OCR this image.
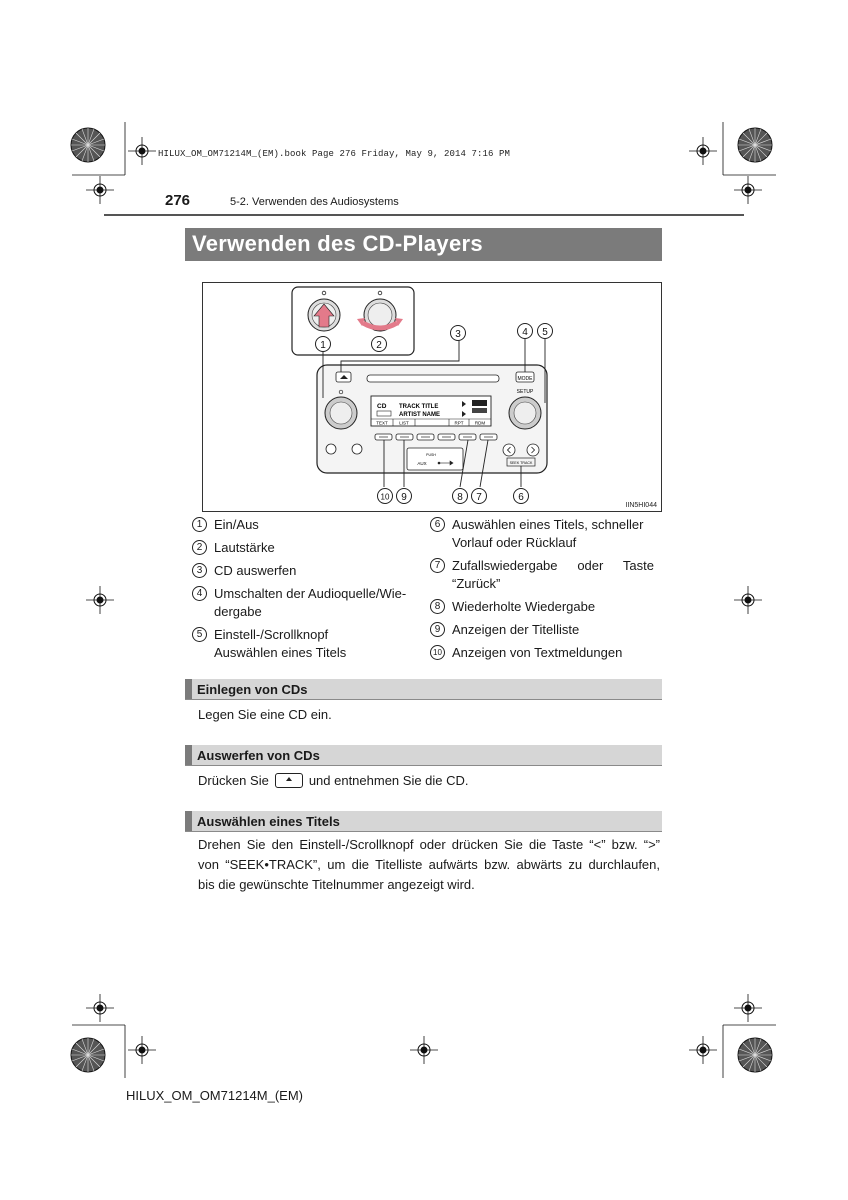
HILUX_OM_OM71214M_(EM).book Page 276 Friday, May 9, 2014 7:16 PM
276	5-2. Verwenden des Audiosystems
Verwenden des CD-Players
MODE
SETUP
CD TRACK TITLE
ARTIST NAME
TEXT	LIST	RPT	RDM
PUSH
AUX	SEEK TRACK
1	2
3	4 5
10 9	8 7	6
IIN5HI044
1 Ein/Aus
2 Lautstärke
3 CD auswerfen
4 Umschalten der Audioquelle/Wie-
dergabe
5 Einstell-/Scrollknopf
Auswählen eines Titels
6 Auswählen eines Titels, schneller
Vorlauf oder Rücklauf
7 Zufallswiedergabe oder Taste
“Zurück”
8 Wiederholte Wiedergabe
9 Anzeigen der Titelliste
10 Anzeigen von Textmeldungen
Einlegen von CDs
Legen Sie eine CD ein.
Auswerfen von CDs
Drücken Sie	und entnehmen Sie die CD.
Auswählen eines Titels
Drehen Sie den Einstell-/Scrollknopf oder drücken Sie die Taste “<” bzw. “>”
von “SEEK•TRACK”, um die Titelliste aufwärts bzw. abwärts zu durchlaufen,
bis die gewünschte Titelnummer angezeigt wird.
HILUX_OM_OM71214M_(EM)
